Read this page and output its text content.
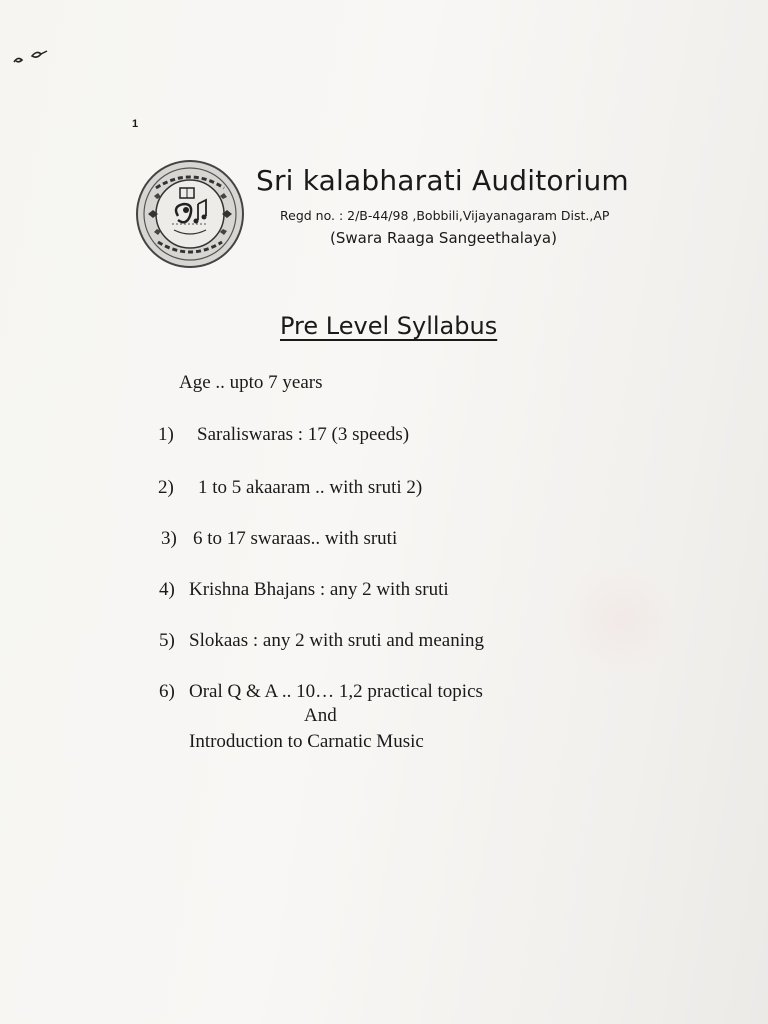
1
Sri kalabharati Auditorium
Regd no. : 2/B-44/98 ,Bobbili,Vijayanagaram Dist.,AP
(Swara Raaga Sangeethalaya)
Pre Level Syllabus
Age .. upto 7 years
1) Saraliswaras : 17 (3 speeds)
2) 1 to 5 akaaram .. with sruti 2)
3) 6 to 17 swaraas.. with sruti
4) Krishna Bhajans : any 2 with sruti
5) Slokaas : any 2 with sruti and meaning
6) Oral Q & A .. 10… 1,2 practical topics
And
Introduction to Carnatic Music
